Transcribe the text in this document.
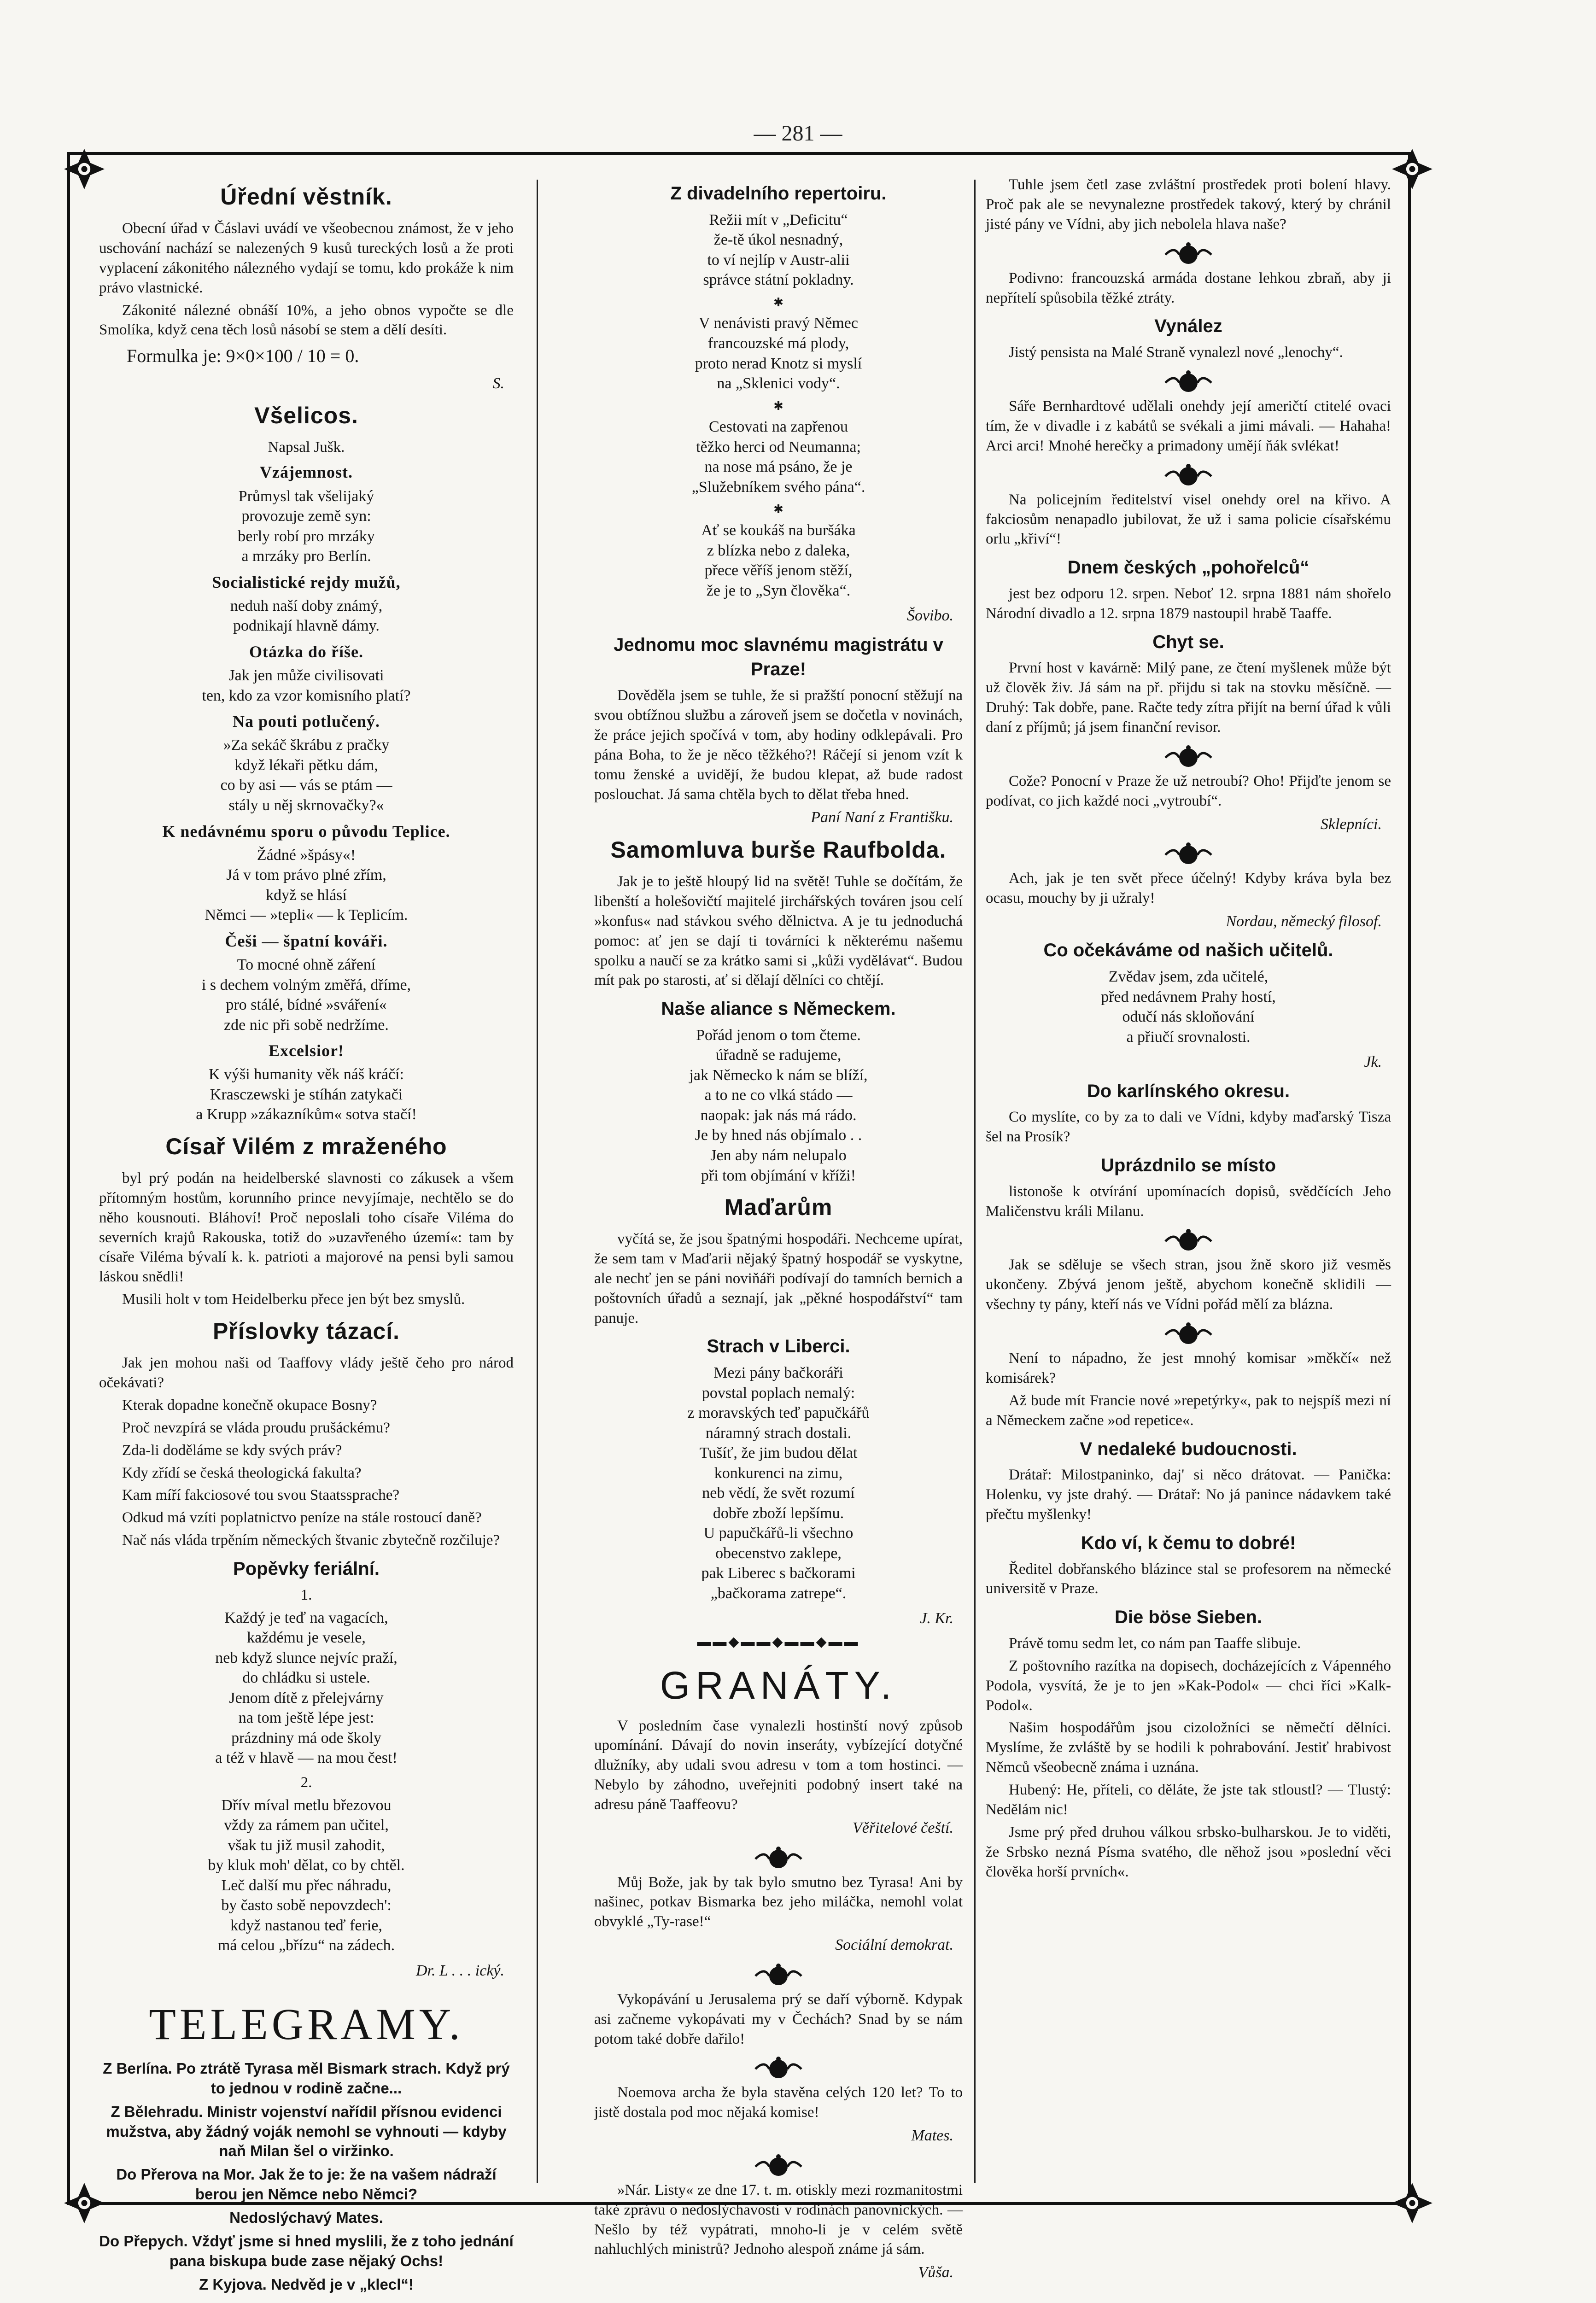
— 281 —
Úřední věstník.

Obecní úřad v Čáslavi uvádí ve všeobecnou známost, že v jeho uschování nachází se nalezených 9 kusů tureckých losů a že proti vyplacení zákonitého nálezného vydají se tomu, kdo prokáže k nim právo vlastnické.

Zákonité nálezné obnáší 10%, a jeho obnos vypočte se dle Smolíka, když cena těch losů násobí se stem a dělí desíti.

Formulka je: 9×0×100 / 10 = 0.
S.
Všelicos.

Napsal Jušk.

Vzájemnost.
Průmysl tak všelijaký
provozuje země syn:
berly robí pro mrzáky
a mrzáky pro Berlín.
Socialistické rejdy mužů,
neduh naší doby známý,
podnikají hlavně dámy.
Otázka do říše.
Jak jen může civilisovati
ten, kdo za vzor komisního platí?
Na pouti potlučený.
»Za sekáč škrábu z pračky
když lékaři pětku dám,
co by asi — vás se ptám —
stály u něj skrnovačky?«
K nedávnému sporu o původu Teplice.
Žádné »špásy«!
Já v tom právo plné zřím,
když se hlásí
Němci — »tepli« — k Teplicím.
Češi — špatní kováři.
To mocné ohně záření
i s dechem volným změřá, dříme,
pro stálé, bídné »sváření«
zde nic při sobě nedržíme.
Excelsior!
K výši humanity věk náš kráčí:
Krasczewski je stíhán zatykači
a Krupp »zákazníkům« sotva stačí!
Císař Vilém z mraženého

byl prý podán na heidelberské slavnosti co zákusek a všem přítomným hostům, korunního prince nevyjímaje, nechtělo se do něho kousnouti. Bláhoví! Proč neposlali toho císaře Viléma do severních krajů Rakouska, totiž do »uzavřeného území«: tam by císaře Viléma bývalí k. k. patrioti a majorové na pensi byli samou láskou snědli!

Musili holt v tom Heidelberku přece jen být bez smyslů.

Příslovky tázací.

Jak jen mohou naši od Taaffovy vlády ještě čeho pro národ očekávati?

Kterak dopadne konečně okupace Bosny?

Proč nevzpírá se vláda proudu prušáckému?

Zda-li doděláme se kdy svých práv?

Kdy zřídí se česká theologická fakulta?

Kam míří fakciosové tou svou Staatssprache?

Odkud má vzíti poplatnictvo peníze na stále rostoucí daně?

Nač nás vláda trpěním německých štvanic zbytečně rozčiluje?

Popěvky feriální.

1.

Každý je teď na vagacích,
každému je vesele,
neb když slunce nejvíc praží,
do chládku si ustele.
Jenom dítě z přelejvárny
na tom ještě lépe jest:
prázdniny má ode školy
a též v hlavě — na mou čest!

2.

Dřív míval metlu březovou
vždy za rámem pan učitel,
však tu již musil zahodit,
by kluk moh' dělat, co by chtěl.
Leč další mu přec náhradu,
by často sobě nepovzdech':
když nastanou teď ferie,
má celou „břízu“ na zádech.
Dr. L . . . ický.
TELEGRAMY.
Z Berlína. Po ztrátě Tyrasa měl Bismark strach. Když prý to jednou v rodině začne...
Z Bělehradu. Ministr vojenství nařídil přísnou evidenci mužstva, aby žádný voják nemohl se vyhnouti — kdyby naň Milan šel o viržinko.
Do Přerova na Mor. Jak že to je: že na vašem nádraží berou jen Němce nebo Němci?
Nedoslýchavý Mates.
Do Přepych. Vždyť jsme si hned myslili, že z toho jednání pana biskupa bude zase nějaký Ochs!
Z Kyjova. Nedvěd je v „klecl“!
Z divadelního repertoiru.
Režii mít v „Deficitu“
že-tě úkol nesnadný,
to ví nejlíp v Austr-alii
správce státní pokladny.
✱
V nenávisti pravý Němec
francouzské má plody,
proto nerad Knotz si myslí
na „Sklenici vody“.
✱
Cestovati na zapřenou
těžko herci od Neumanna;
na nose má psáno, že je
„Služebníkem svého pána“.
✱
Ať se koukáš na buršáka
z blízka nebo z daleka,
přece věříš jenom stěží,
že je to „Syn člověka“.
Šovibo.
Jednomu moc slavnému magistrátu v Praze!

Dověděla jsem se tuhle, že si pražští ponocní stěžují na svou obtížnou službu a zároveň jsem se dočetla v novinách, že práce jejich spočívá v tom, aby hodiny odklepávali. Pro pána Boha, to že je něco těžkého?! Ráčejí si jenom vzít k tomu ženské a uvidějí, že budou klepat, až bude radost poslouchat. Já sama chtěla bych to dělat třeba hned.

Paní Naní z Františku.
Samomluva burše Raufbolda.

Jak je to ještě hloupý lid na světě! Tuhle se dočítám, že libenští a holešovičtí majitelé jirchářských továren jsou celí »konfus« nad stávkou svého dělnictva. A je tu jednoduchá pomoc: ať jen se dají ti továrníci k některému našemu spolku a naučí se za krátko sami si „kůži vydělávat“. Budou mít pak po starosti, ať si dělají dělníci co chtějí.

Naše aliance s Německem.
Pořád jenom o tom čteme.
úřadně se radujeme,
jak Německo k nám se blíží,
a to ne co vlká stádo —
naopak: jak nás má rádo.
Je by hned nás objímalo . .
Jen aby nám nelupalo
při tom objímání v kříži!
Maďarům

vyčítá se, že jsou špatnými hospodáři. Nechceme upírat, že sem tam v Maďarii nějaký špatný hospodář se vyskytne, ale nechť jen se páni noviňáři podívají do tamních bernich a poštovních úřadů a seznají, jak „pěkné hospodářství“ tam panuje.

Strach v Liberci.
Mezi pány bačkoráři
povstal poplach nemalý:
z moravských teď papučkářů
náramný strach dostali.
Tušíť, že jim budou dělat
konkurenci na zimu,
neb vědí, že svět rozumí
dobře zboží lepšímu.
U papučkářů-li všechno
obecenstvo zaklepe,
pak Liberec s bačkorami
„bačkorama zatrepe“.
J. Kr.
▬▬◆▬▬◆▬▬◆▬▬
GRANÁTY.

V posledním čase vynalezli hostinští nový způsob upomínání. Dávají do novin inseráty, vybízející dotyčné dlužníky, aby udali svou adresu v tom a tom hostinci. — Nebylo by záhodno, uveřejniti podobný insert také na adresu páně Taaffeovu?

Věřitelové čeští.

Můj Bože, jak by tak bylo smutno bez Tyrasa! Ani by našinec, potkav Bismarka bez jeho miláčka, nemohl volat obvyklé „Ty-rase!“

Sociální demokrat.

Vykopávání u Jerusalema prý se daří výborně. Kdypak asi začneme vykopávati my v Čechách? Snad by se nám potom také dobře dařilo!

Noemova archa že byla stavěna celých 120 let? To to jistě dostala pod moc nějaká komise!

Mates.

»Nár. Listy« ze dne 17. t. m. otiskly mezi rozmanitostmi také zprávu o nedoslýchavosti v rodinách panovnických. — Nešlo by též vypátrati, mnoho-li je v celém světě nahluchlých ministrů? Jednoho alespoň známe já sám.

Vůša.

Tuhle jsem četl zase zvláštní prostředek proti bolení hlavy. Proč pak ale se nevynalezne prostředek takový, který by chránil jisté pány ve Vídni, aby jich nebolela hlava naše?

Podivno: francouzská armáda dostane lehkou zbraň, aby ji nepřítelí spůsobila těžké ztráty.

Vynález

Jistý pensista na Malé Straně vynalezl nové „lenochy“.

Sáře Bernhardtové udělali onehdy její američtí ctitelé ovaci tím, že v divadle i z kabátů se svékali a jimi mávali. — Hahaha! Arci arci! Mnohé herečky a primadony umějí ňák svlékat!

Na policejním ředitelství visel onehdy orel na křivo. A fakciosům nenapadlo jubilovat, že už i sama policie císařskému orlu „křiví“!

Dnem českých „pohořelců“

jest bez odporu 12. srpen. Neboť 12. srpna 1881 nám shořelo Národní divadlo a 12. srpna 1879 nastoupil hrabě Taaffe.

Chyt se.

První host v kavárně: Milý pane, ze čtení myšlenek může být už člověk živ. Já sám na př. přijdu si tak na stovku měsíčně. — Druhý: Tak dobře, pane. Račte tedy zítra přijít na berní úřad k vůli daní z příjmů; já jsem finanční revisor.

Cože? Ponocní v Praze že už netroubí? Oho! Přijďte jenom se podívat, co jich každé noci „vytroubí“.

Sklepníci.

Ach, jak je ten svět přece účelný! Kdyby kráva byla bez ocasu, mouchy by ji užraly!

Nordau, německý filosof.
Co očekáváme od našich učitelů.
Zvědav jsem, zda učitelé,
před nedávnem Prahy hostí,
odučí nás skloňování
a přiučí srovnalosti.
Jk.
Do karlínského okresu.

Co myslíte, co by za to dali ve Vídni, kdyby maďarský Tisza šel na Prosík?

Uprázdnilo se místo

listonoše k otvírání upomínacích dopisů, svědčících Jeho Maličenstvu králi Milanu.

Jak se sděluje se všech stran, jsou žně skoro již vesměs ukončeny. Zbývá jenom ještě, abychom konečně sklidili — všechny ty pány, kteří nás ve Vídni pořád mělí za blázna.

Není to nápadno, že jest mnohý komisar »měkčí« než komisárek?

Až bude mít Francie nové »repetýrky«, pak to nejspíš mezi ní a Německem začne »od repetice«.

V nedaleké budoucnosti.

Drátař: Milostpaninko, daj' si něco drátovat. — Panička: Holenku, vy jste drahý. — Drátař: No já panince nádavkem také přečtu myšlenky!

Kdo ví, k čemu to dobré!

Ředitel dobřanského blázince stal se profesorem na německé universitě v Praze.

Die böse Sieben.

Právě tomu sedm let, co nám pan Taaffe slibuje.

Z poštovního razítka na dopisech, docházejících z Vápenného Podola, vysvítá, že je to jen »Kak-Podol« — chci říci »Kalk-Podol«.

Našim hospodářům jsou cizoložníci se němečtí dělníci. Myslíme, že zvláště by se hodili k pohrabování. Jestiť hrabivost Němců všeobecně známa i uznána.

Hubený: He, příteli, co děláte, že jste tak stloustl? — Tlustý: Nedělám nic!

Jsme prý před druhou válkou srbsko-bulharskou. Je to viděti, že Srbsko nezná Písma svatého, dle něhož jsou »poslední věci člověka horší prvních«.
